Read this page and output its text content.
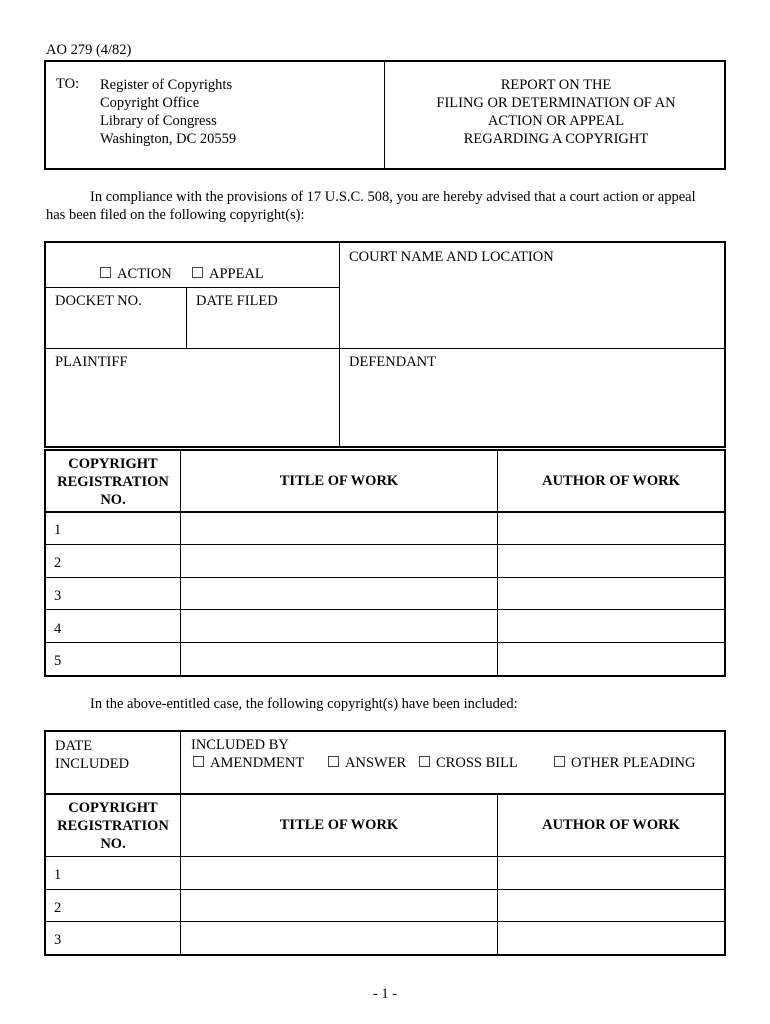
AO 279 (4/82)
TO: Register of Copyrights
Copyright Office
Library of Congress
Washington, DC 20559
REPORT ON THE
FILING OR DETERMINATION OF AN
ACTION OR APPEAL
REGARDING A COPYRIGHT
In compliance with the provisions of 17 U.S.C. 508, you are hereby advised that a court action or appeal
has been filed on the following copyright(s):
ACTION	APPEAL
DOCKET NO.	DATE FILED
COURT NAME AND LOCATION
PLAINTIFF	DEFENDANT
COPYRIGHT
REGISTRATION
NO.
TITLE OF WORK	AUTHOR OF WORK
1
2
3
4
5
In the above-entitled case, the following copyright(s) have been included:
DATE
INCLUDED
INCLUDED BY
AMENDMENT	ANSWER	CROSS BILL	OTHER PLEADING
COPYRIGHT
REGISTRATION
NO.
TITLE OF WORK	AUTHOR OF WORK
1
2
3
- 1 -
